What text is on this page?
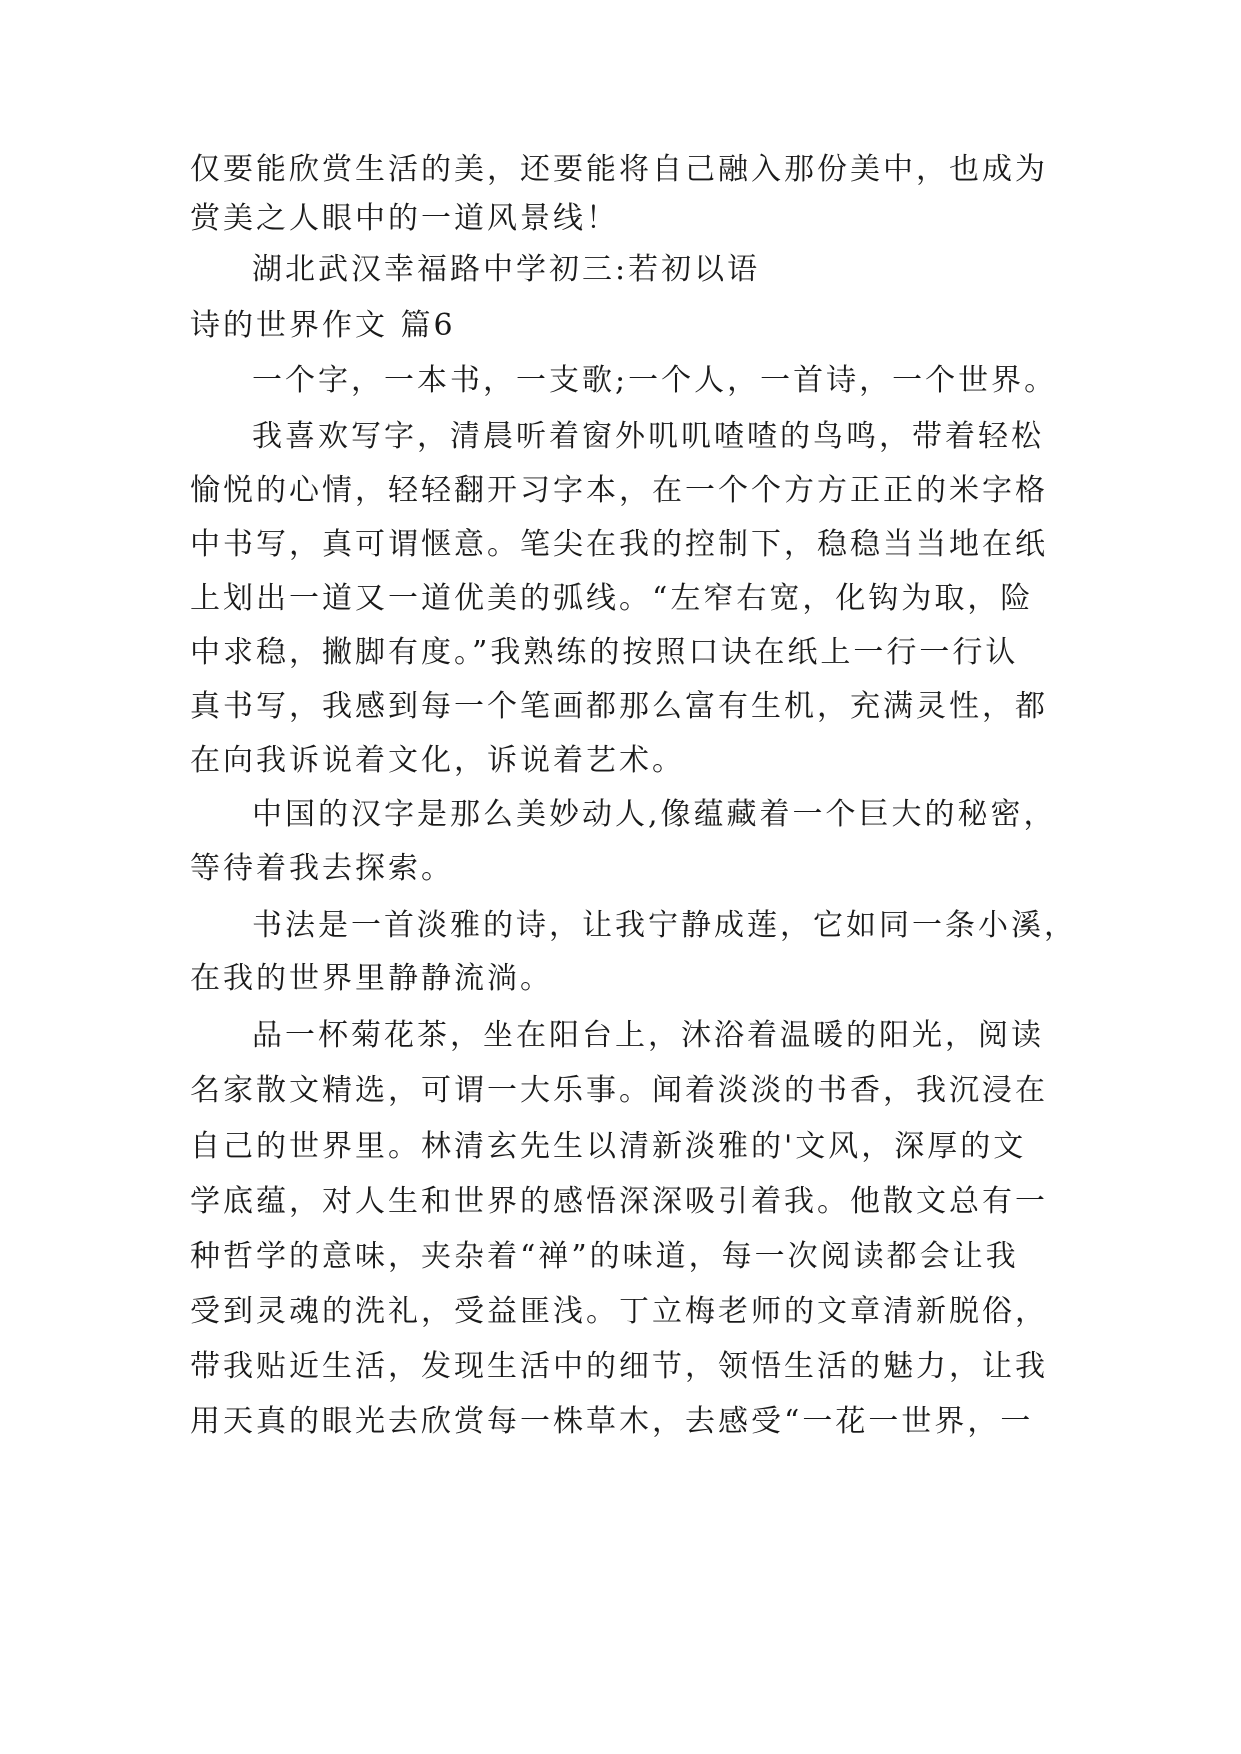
仅要能欣赏生活的美，还要能将自己融入那份美中，也成为
赏美之人眼中的一道风景线！
湖北武汉幸福路中学初三:若初以语
诗的世界作文 篇6
一个字，一本书，一支歌;一个人，一首诗，一个世界。
我喜欢写字，清晨听着窗外叽叽喳喳的鸟鸣，带着轻松
愉悦的心情，轻轻翻开习字本，在一个个方方正正的米字格
中书写，真可谓惬意。笔尖在我的控制下，稳稳当当地在纸
上划出一道又一道优美的弧线。“左窄右宽，化钩为取，险
中求稳，撇脚有度。”我熟练的按照口诀在纸上一行一行认
真书写，我感到每一个笔画都那么富有生机，充满灵性，都
在向我诉说着文化，诉说着艺术。
中国的汉字是那么美妙动人,像蕴藏着一个巨大的秘密，
等待着我去探索。
书法是一首淡雅的诗，让我宁静成莲，它如同一条小溪，
在我的世界里静静流淌。
品一杯菊花茶，坐在阳台上，沐浴着温暖的阳光，阅读
名家散文精选，可谓一大乐事。闻着淡淡的书香，我沉浸在
自己的世界里。林清玄先生以清新淡雅的'文风，深厚的文
学底蕴，对人生和世界的感悟深深吸引着我。他散文总有一
种哲学的意味，夹杂着“禅”的味道，每一次阅读都会让我
受到灵魂的洗礼，受益匪浅。丁立梅老师的文章清新脱俗，
带我贴近生活，发现生活中的细节，领悟生活的魅力，让我
用天真的眼光去欣赏每一株草木，去感受“一花一世界，一
